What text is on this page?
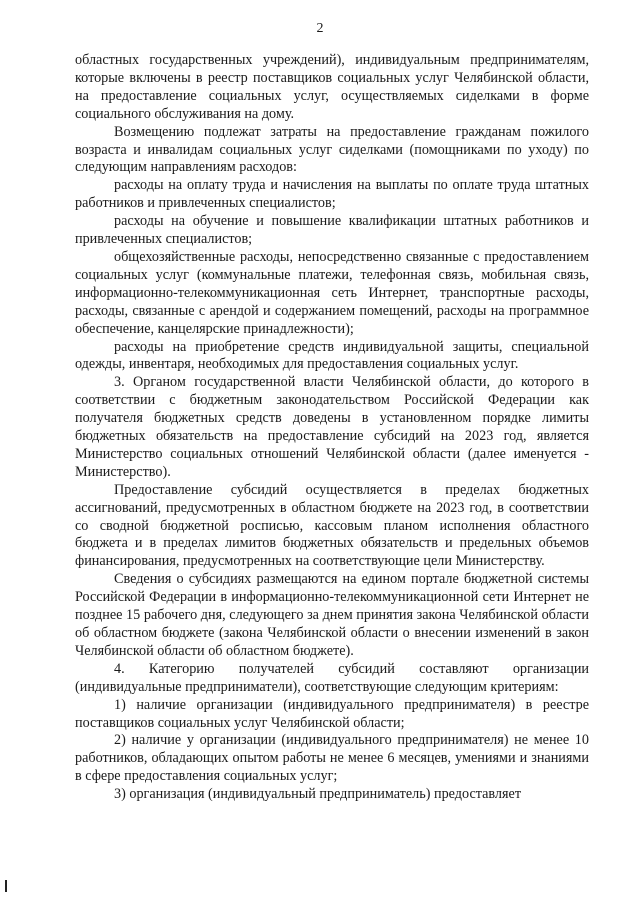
2

областных государственных учреждений), индивидуальным предпринимателям, которые включены в реестр поставщиков социальных услуг Челябинской области, на предоставление социальных услуг, осуществляемых сиделками в форме социального обслуживания на дому.

Возмещению подлежат затраты на предоставление гражданам пожилого возраста и инвалидам социальных услуг сиделками (помощниками по уходу) по следующим направлениям расходов:

расходы на оплату труда и начисления на выплаты по оплате труда штатных работников и привлеченных специалистов;

расходы на обучение и повышение квалификации штатных работников и привлеченных специалистов;

общехозяйственные расходы, непосредственно связанные с предоставлением социальных услуг (коммунальные платежи, телефонная связь, мобильная связь, информационно-телекоммуникационная сеть Интернет, транспортные расходы, расходы, связанные с арендой и содержанием помещений, расходы на программное обеспечение, канцелярские принадлежности);

расходы на приобретение средств индивидуальной защиты, специальной одежды, инвентаря, необходимых для предоставления социальных услуг.

3. Органом государственной власти Челябинской области, до которого в соответствии с бюджетным законодательством Российской Федерации как получателя бюджетных средств доведены в установленном порядке лимиты бюджетных обязательств на предоставление субсидий на 2023 год, является Министерство социальных отношений Челябинской области (далее именуется - Министерство).

Предоставление субсидий осуществляется в пределах бюджетных ассигнований, предусмотренных в областном бюджете на 2023 год, в соответствии со сводной бюджетной росписью, кассовым планом исполнения областного бюджета и в пределах лимитов бюджетных обязательств и предельных объемов финансирования, предусмотренных на соответствующие цели Министерству.

Сведения о субсидиях размещаются на едином портале бюджетной системы Российской Федерации в информационно-телекоммуникационной сети Интернет не позднее 15 рабочего дня, следующего за днем принятия закона Челябинской области об областном бюджете (закона Челябинской области о внесении изменений в закон Челябинской области об областном бюджете).

4. Категорию получателей субсидий составляют организации (индивидуальные предприниматели), соответствующие следующим критериям:

1) наличие организации (индивидуального предпринимателя) в реестре поставщиков социальных услуг Челябинской области;

2) наличие у организации (индивидуального предпринимателя) не менее 10 работников, обладающих опытом работы не менее 6 месяцев, умениями и знаниями в сфере предоставления социальных услуг;

3) организация (индивидуальный предприниматель) предоставляет
